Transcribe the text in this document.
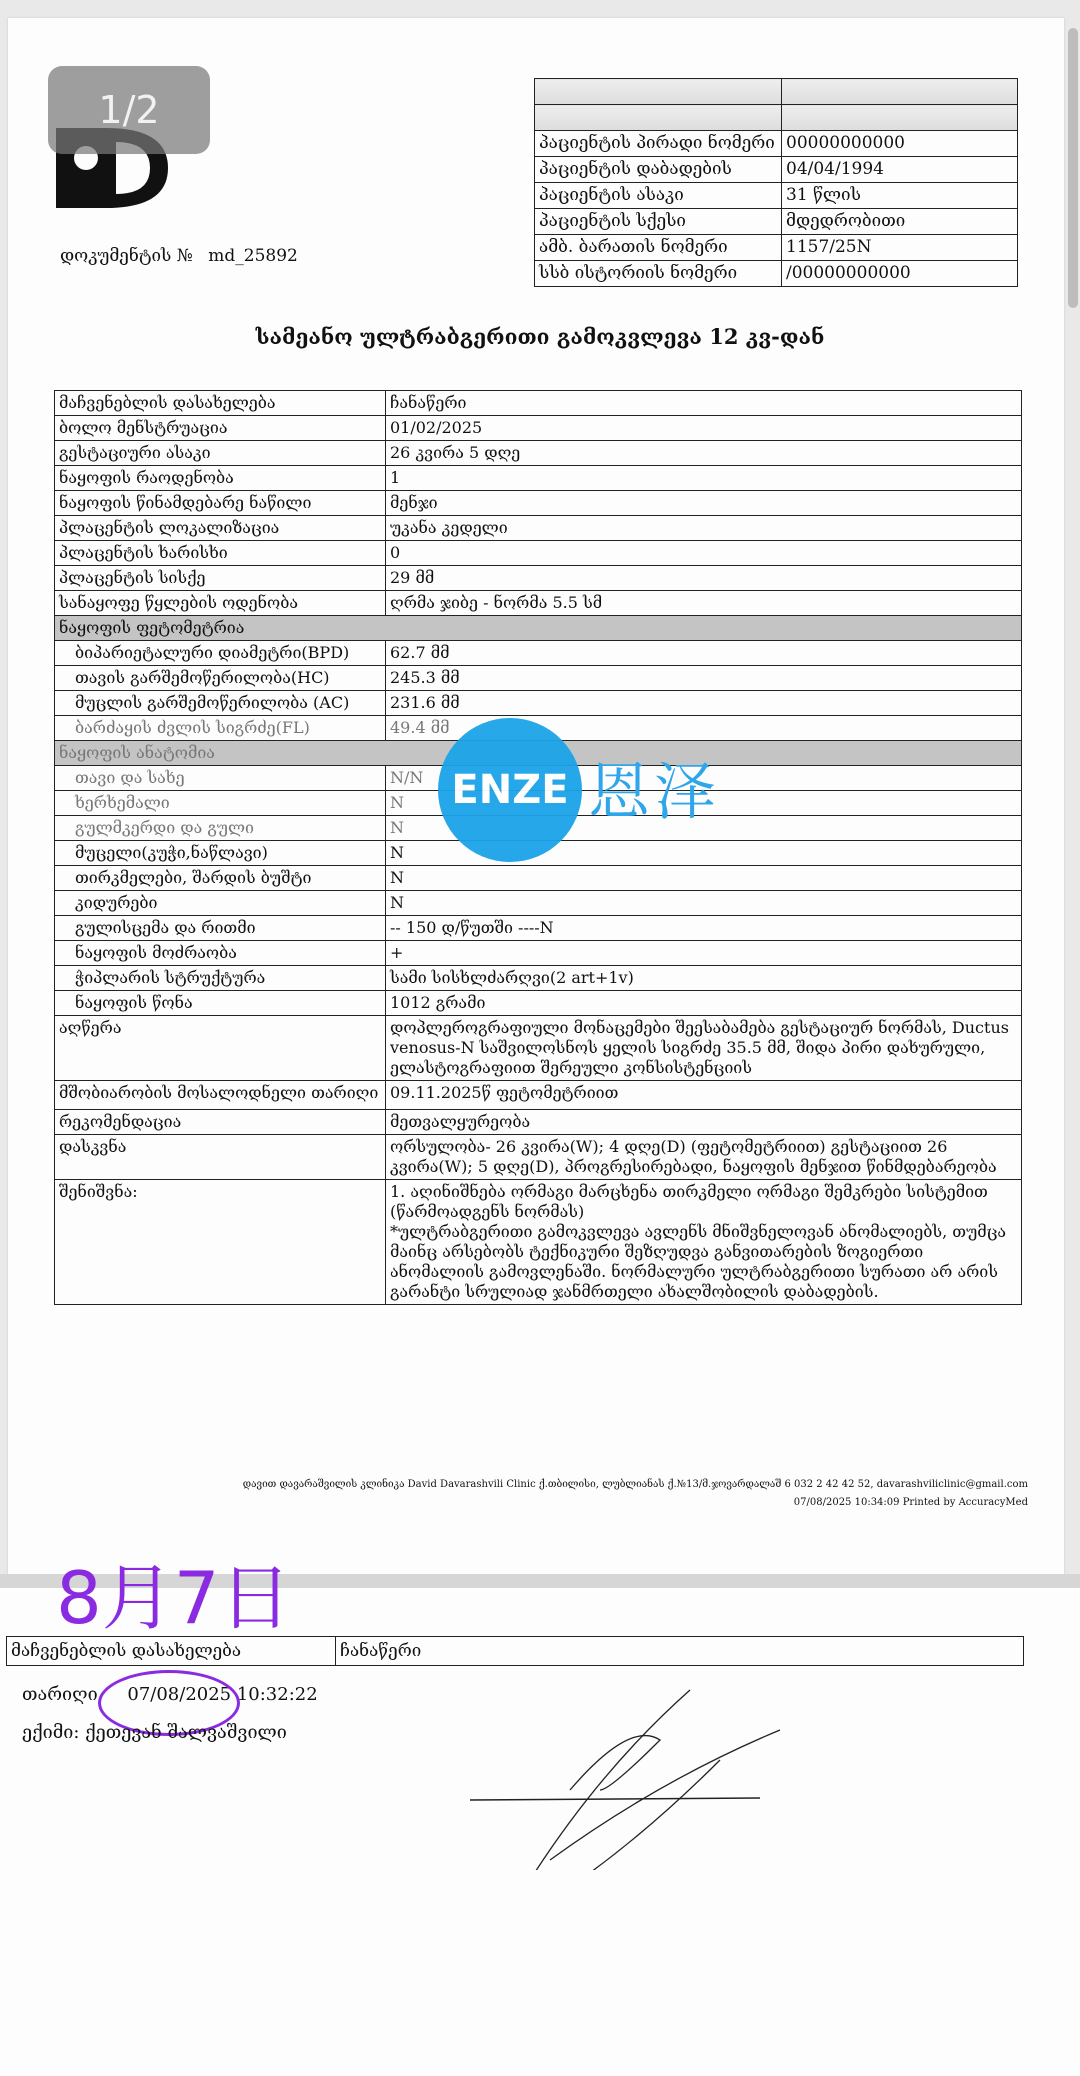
1/2
დოკუმენტის № md_25892

პაციენტის პირადი ნომერი	00000000000
პაციენტის დაბადების	04/04/1994
პაციენტის ასაკი	31 წლის
პაციენტის სქესი	მდედრობითი
ამბ. ბარათის ნომერი	1157/25N
სსბ ისტორიის ნომერი	/00000000000
სამეანო ულტრაბგერითი გამოკვლევა 12 კვ-დან
მაჩვენებლის დასახელება	ჩანაწერი
ბოლო მენსტრუაცია	01/02/2025
გესტაციური ასაკი	26 კვირა 5 დღე
ნაყოფის რაოდენობა	1
ნაყოფის წინამდებარე ნაწილი	მენჯი
პლაცენტის ლოკალიზაცია	უკანა კედელი
პლაცენტის ხარისხი	0
პლაცენტის სისქე	29 მმ
სანაყოფე წყლების ოდენობა	ღრმა ჯიბე - ნორმა 5.5 სმ
ნაყოფის ფეტომეტრია	
ბიპარიეტალური დიამეტრი(BPD)	62.7 მმ
თავის გარშემოწერილობა(HC)	245.3 მმ
მუცლის გარშემოწერილობა (AC)	231.6 მმ
ბარძაყის ძვლის სიგრძე(FL)	49.4 მმ
ნაყოფის ანატომია	
თავი და სახე	N/N
ხერხემალი	N
გულმკერდი და გული	N
მუცელი(კუჭი,ნაწლავი)	N
თირკმელები, შარდის ბუშტი	N
კიდურები	N
გულისცემა და რითმი	-- 150 დ/წუთში ----N
ნაყოფის მოძრაობა	+
ჭიპლარის სტრუქტურა	სამი სისხლძარღვი(2 art+1v)
ნაყოფის წონა	1012 გრამი
აღწერა	დოპლეროგრაფიული მონაცემები შეესაბამება გესტაციურ ნორმას, Ductus venosus-N საშვილოსნოს ყელის სიგრძე 35.5 მმ, შიდა პირი დახურული, ელასტოგრაფიით შერეული კონსისტენციის
მშობიარობის მოსალოდნელი თარიღი	09.11.2025წ ფეტომეტრიით
რეკომენდაცია	მეთვალყურეობა
დასკვნა	ორსულობა- 26 კვირა(W); 4 დღე(D) (ფეტომეტრიით) გესტაციით 26 კვირა(W); 5 დღე(D), პროგრესირებადი, ნაყოფის მენჯით წინმდებარეობა
შენიშვნა:	1. აღინიშნება ორმაგი მარცხენა თირკმელი ორმაგი შემკრები სისტემით (წარმოადგენს ნორმას)
*ულტრაბგერითი გამოკვლევა ავლენს მნიშვნელოვან ანომალიებს, თუმცა მაინც არსებობს ტექნიკური შეზღუდვა განვითარების ზოგიერთი ანომალიის გამოვლენაში. ნორმალური ულტრაბგერითი სურათი არ არის გარანტი სრულიად ჯანმრთელი ახალშობილის დაბადების.
ENZE 恩泽
დავით დავარაშვილის კლინიკა David Davarashvili Clinic ქ.თბილისი, ლუბლიანას ქ.№13/მ.ჯოვარდალაშ 6 032 2 42 42 52, davarashviliclinic@gmail.com
07/08/2025 10:34:09 Printed by AccuracyMed
8月7日
მაჩვენებლის დასახელება	ჩანაწერი
თარიღი 07/08/2025 10:32:22
ექიმი: ქეთევან შალვაშვილი
